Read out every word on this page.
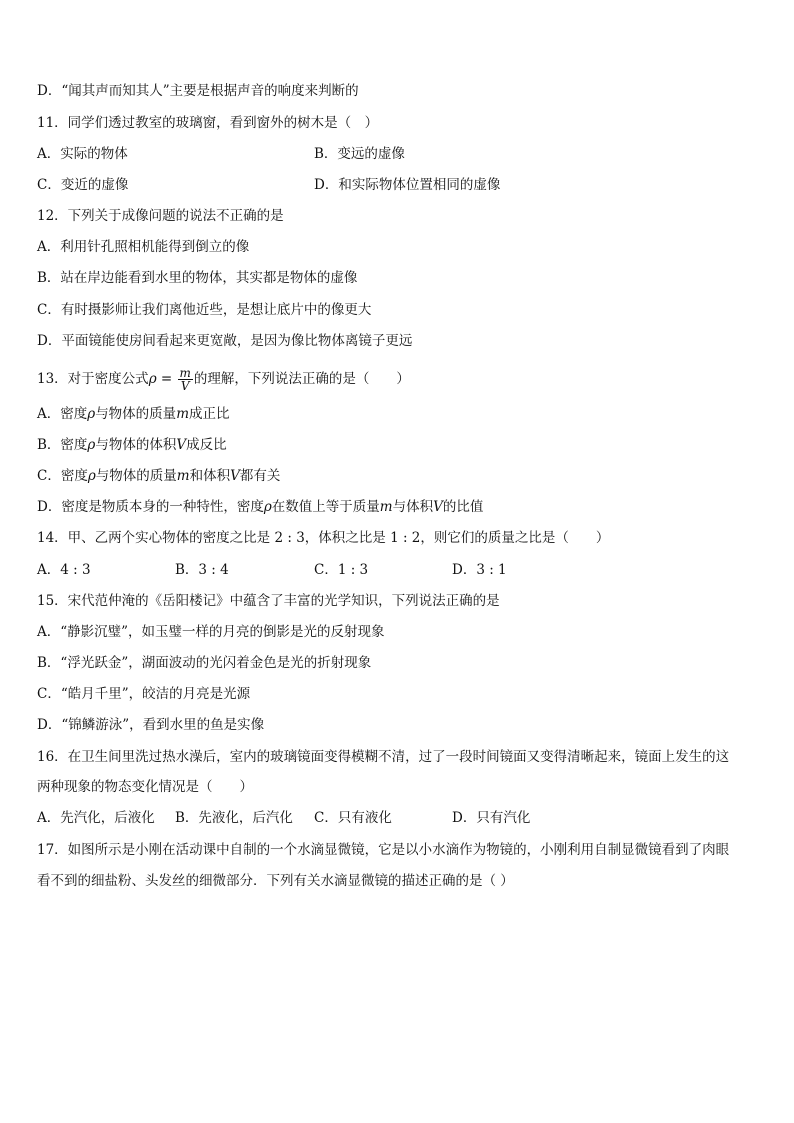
D．“闻其声而知其人”主要是根据声音的响度来判断的
11．同学们透过教室的玻璃窗，看到窗外的树木是（　）
A．实际的物体	B．变远的虚像
C．变近的虚像	D．和实际物体位置相同的虚像
12．下列关于成像问题的说法不正确的是
A．利用针孔照相机能得到倒立的像
B．站在岸边能看到水里的物体，其实都是物体的虚像
C．有时摄影师让我们离他近些，是想让底片中的像更大
D．平面镜能使房间看起来更宽敞，是因为像比物体离镜子更远
13．对于密度公式$\rho = \frac{m}{V}$ 的理解，下列说法正确的是（　　）
A．密度ρ与物体的质量m成正比
B．密度ρ与物体的体积V成反比
C．密度ρ与物体的质量m和体积V都有关
D．密度是物质本身的一种特性，密度ρ在数值上等于质量m与体积V的比值
14．甲、乙两个实心物体的密度之比是 2 : 3，体积之比是 1 : 2，则它们的质量之比是（　　）
A．4 : 3	B．3 : 4	C．1 : 3	D．3 : 1
15．宋代范仲淹的《岳阳楼记》中蕴含了丰富的光学知识，下列说法正确的是
A．“静影沉璧”，如玉璧一样的月亮的倒影是光的反射现象
B．“浮光跃金”，湖面波动的光闪着金色是光的折射现象
C．“皓月千里”，皎洁的月亮是光源
D．“锦鳞游泳”，看到水里的鱼是实像
16．在卫生间里洗过热水澡后，室内的玻璃镜面变得模糊不清，过了一段时间镜面又变得清晰起来，镜面上发生的这
两种现象的物态变化情况是（　　）
A．先汽化，后液化 B．先液化，后汽化 C．只有液化	D．只有汽化
17．如图所示是小刚在活动课中自制的一个水滴显微镜，它是以小水滴作为物镜的，小刚利用自制显微镜看到了肉眼
看不到的细盐粉、头发丝的细微部分．下列有关水滴显微镜的描述正确的是（ ）
